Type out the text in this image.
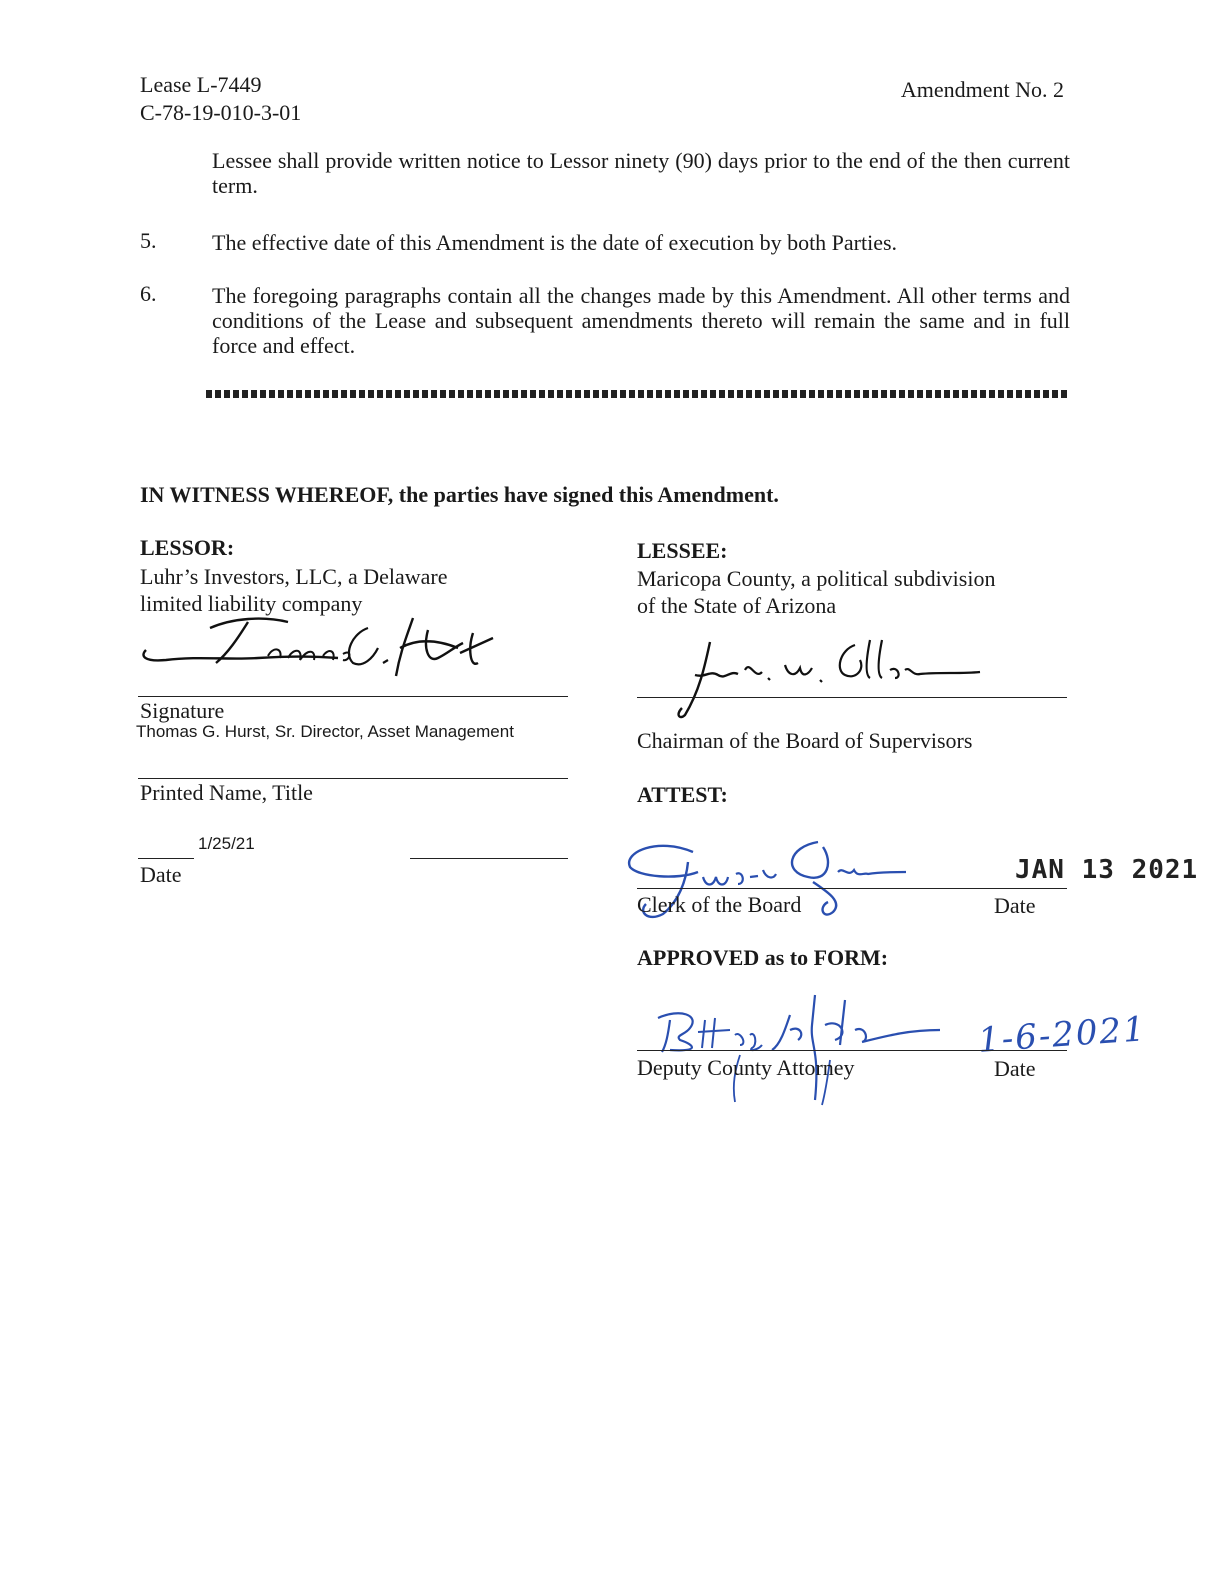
Lease L-7449
C-78-19-010-3-01
Amendment No. 2
Lessee shall provide written notice to Lessor ninety (90) days prior to the end of the then current term.
5.	The effective date of this Amendment is the date of execution by both Parties.
6.	The foregoing paragraphs contain all the changes made by this Amendment. All other terms and conditions of the Lease and subsequent amendments thereto will remain the same and in full force and effect.
IN WITNESS WHEREOF, the parties have signed this Amendment.
LESSOR:
Luhr’s Investors, LLC, a Delaware
limited liability company
Signature
Thomas G. Hurst, Sr. Director, Asset Management
Printed Name, Title
1/25/21
Date
LESSEE:
Maricopa County, a political subdivision
of the State of Arizona
Chairman of the Board of Supervisors
ATTEST:
JAN 13 2021
Clerk of the Board	Date
APPROVED as to FORM:
1-6-2021
Deputy County Attorney	Date
